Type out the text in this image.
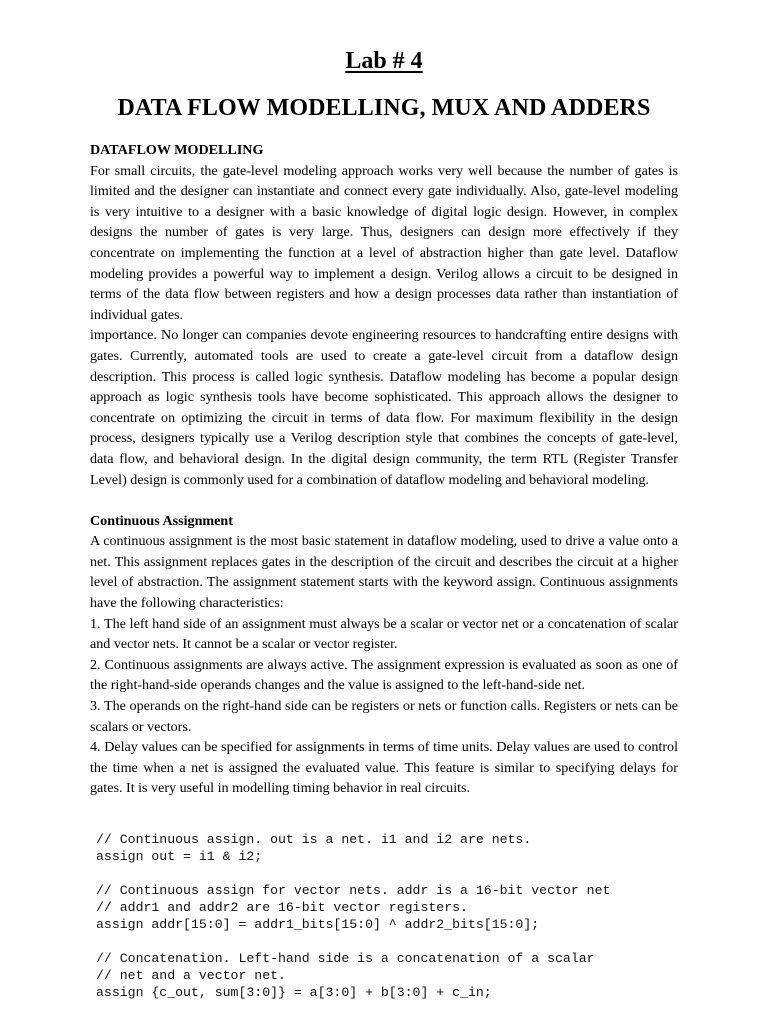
Lab # 4
DATA FLOW MODELLING, MUX AND ADDERS
DATAFLOW MODELLING

For small circuits, the gate-level modeling approach works very well because the number of gates is limited and the designer can instantiate and connect every gate individually. Also, gate-level modeling is very intuitive to a designer with a basic knowledge of digital logic design. However, in complex designs the number of gates is very large. Thus, designers can design more effectively if they concentrate on implementing the function at a level of abstraction higher than gate level. Dataflow modeling provides a powerful way to implement a design. Verilog allows a circuit to be designed in terms of the data flow between registers and how a design processes data rather than instantiation of individual gates.

importance. No longer can companies devote engineering resources to handcrafting entire designs with gates. Currently, automated tools are used to create a gate-level circuit from a dataflow design description. This process is called logic synthesis. Dataflow modeling has become a popular design approach as logic synthesis tools have become sophisticated. This approach allows the designer to concentrate on optimizing the circuit in terms of data flow. For maximum flexibility in the design process, designers typically use a Verilog description style that combines the concepts of gate-level, data flow, and behavioral design. In the digital design community, the term RTL (Register Transfer Level) design is commonly used for a combination of dataflow modeling and behavioral modeling.

Continuous Assignment

A continuous assignment is the most basic statement in dataflow modeling, used to drive a value onto a net. This assignment replaces gates in the description of the circuit and describes the circuit at a higher level of abstraction. The assignment statement starts with the keyword assign. Continuous assignments have the following characteristics:

1. The left hand side of an assignment must always be a scalar or vector net or a concatenation of scalar and vector nets. It cannot be a scalar or vector register.

2. Continuous assignments are always active. The assignment expression is evaluated as soon as one of the right-hand-side operands changes and the value is assigned to the left-hand-side net.

3. The operands on the right-hand side can be registers or nets or function calls. Registers or nets can be scalars or vectors.

4. Delay values can be specified for assignments in terms of time units. Delay values are used to control the time when a net is assigned the evaluated value. This feature is similar to specifying delays for gates. It is very useful in modelling timing behavior in real circuits.

// Continuous assign. out is a net. i1 and i2 are nets.
assign out = i1 & i2;
// Continuous assign for vector nets. addr is a 16-bit vector net
// addr1 and addr2 are 16-bit vector registers.
assign addr[15:0] = addr1_bits[15:0] ^ addr2_bits[15:0];
// Concatenation. Left-hand side is a concatenation of a scalar
// net and a vector net.
assign {c_out, sum[3:0]} = a[3:0] + b[3:0] + c_in;
